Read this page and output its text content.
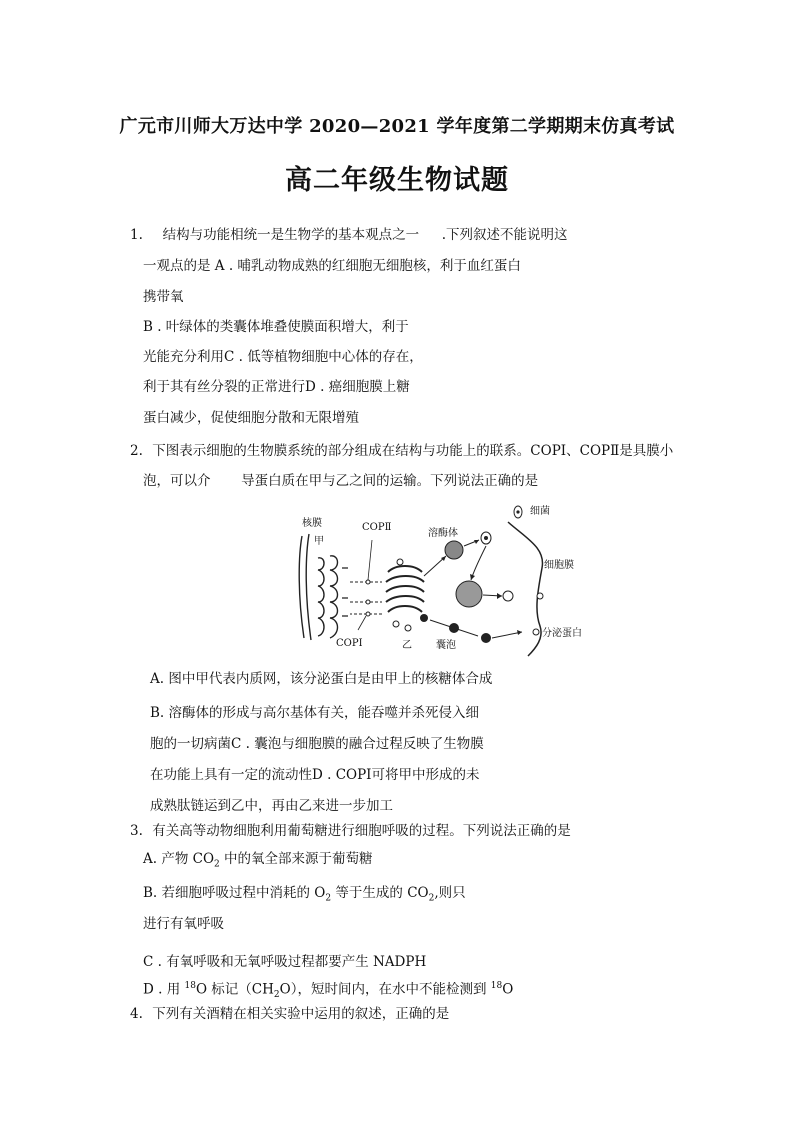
广元市川师大万达中学 2020—2021 学年度第二学期期末仿真考试
高二年级生物试题
1. 结构与功能相统一是生物学的基本观点之一 .下列叙述不能说明这
一观点的是 A . 哺乳动物成熟的红细胞无细胞核，利于血红蛋白
携带氧
B . 叶绿体的类囊体堆叠使膜面积增大，利于
光能充分利用C . 低等植物细胞中心体的存在，
利于其有丝分裂的正常进行D . 癌细胞膜上糖
蛋白减少，促使细胞分散和无限增殖
2. 下图表示细胞的生物膜系统的部分组成在结构与功能上的联系。COPⅠ、COPⅡ是具膜小
泡，可以介 导蛋白质在甲与乙之间的运输。下列说法正确的是
核膜
甲
COPⅡ
COPⅠ	乙
溶酶体
细菌
细胞膜
囊泡
分泌蛋白
A. 图中甲代表内质网，该分泌蛋白是由甲上的核糖体合成
B. 溶酶体的形成与高尔基体有关，能吞噬并杀死侵入细
胞的一切病菌C . 囊泡与细胞膜的融合过程反映了生物膜
在功能上具有一定的流动性D . COPⅠ可将甲中形成的未
成熟肽链运到乙中，再由乙来进一步加工
3. 有关高等动物细胞利用葡萄糖进行细胞呼吸的过程。下列说法正确的是
A. 产物 $CO_2$ 中的氧全部来源于葡萄糖
B. 若细胞呼吸过程中消耗的 $O_2$ 等于生成的 $CO_2$,则只
进行有氧呼吸
C . 有氧呼吸和无氧呼吸过程都要产生 NADPH
D . 用 $^{18}$O 标记$(CH_2O)$，短时间内，在水中不能检测到 $^{18}$O
4. 下列有关酒精在相关实验中运用的叙述，正确的是
